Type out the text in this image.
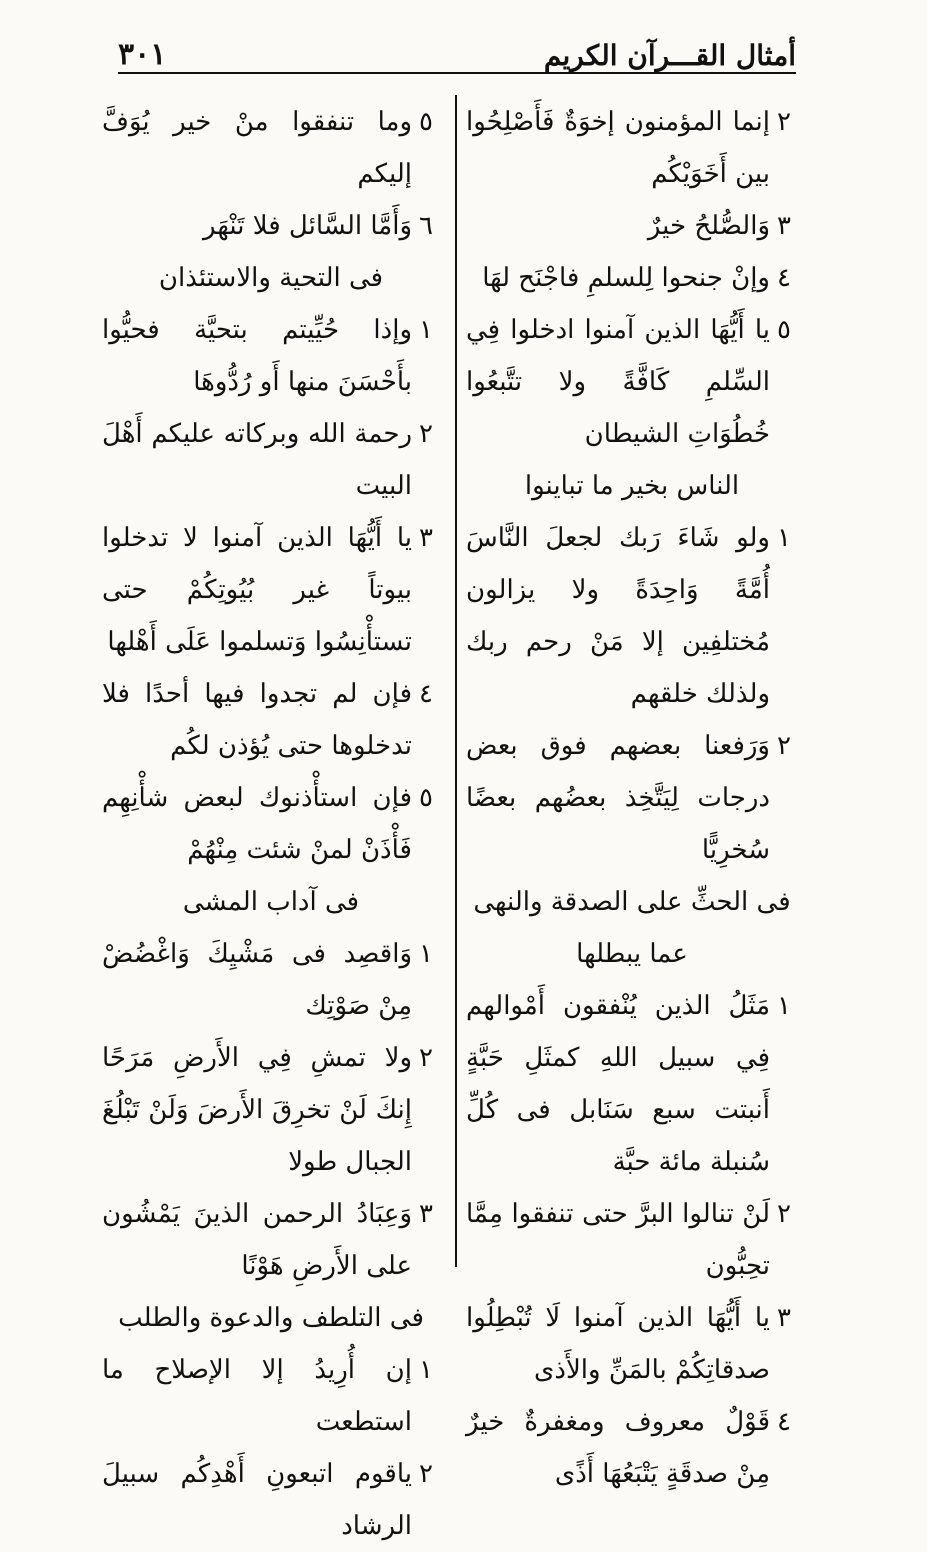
٣٠١	أمثال القـــرآن الكريم
٢
إنما المؤمنون إخوَةٌ فَأَصْلِحُوا بين أَخَوَيْكُم
٣
وَالصُّلحُ خيرٌ
٤
وإنْ جنحوا لِلسلمِ فاجْنَح لهَا
٥
يا أَيُّهَا الذين آمنوا ادخلوا فِي السِّلمِ كَافَّةً ولا تتَّبعُوا خُطُوَاتِ الشيطان
الناس بخير ما تباينوا
١
ولو شَاءَ رَبك لجعلَ النَّاسَ أُمَّةً وَاحِدَةً ولا يزالون مُختلفِين إلا مَنْ رحم ربك ولذلك خلقهم
٢
وَرَفعنا بعضهم فوق بعض درجات لِيَتَّخِذ بعضُهم بعضًا سُخرِيًّا
فى الحثِّ على الصدقة والنهى
عما يبطلها
١
مَثَلُ الذين يُنْفقون أَمْوالهم فِي سبيل اللهِ كمثَلِ حَبَّةٍ أَنبتت سبع سَنَابل فى كُلِّ سُنبلة مائة حبَّة
٢
لَنْ تنالوا البرَّ حتى تنفقوا مِمَّا تحِبُّون
٣
يا أَيُّهَا الذين آمنوا لَا تُبْطِلُوا صدقاتِكُمْ بالمَنِّ والأَذى
٤
قَوْلٌ معروف ومغفرةٌ خيرٌ مِنْ صدقَةٍ يَتْبَعُهَا أَذًى
٥
وما تنفقوا منْ خير يُوَفَّ إليكم
٦
وَأَمَّا السَّائل فلا تَنْهَر
فى التحية والاستئذان
١
وإذا حُيِّيتم بتحيَّة فحيُّوا بأَحْسَنَ منها أَو رُدُّوهَا
٢
رحمة الله وبركاته عليكم أَهْلَ البيت
٣
يا أَيُّهَا الذين آمنوا لا تدخلوا بيوتاً غير بُيُوتِكُمْ حتى تستأْنِسُوا وَتسلموا عَلَى أَهْلها
٤
فإن لم تجدوا فيها أحدًا فلا تدخلوها حتى يُؤذن لكُم
٥
فإن استأْذنوك لبعض شأْنِهِم فَأْذَنْ لمنْ شئت مِنْهُمْ
فى آداب المشى
١
وَاقصِد فى مَشْيِكَ وَاغْضُضْ مِنْ صَوْتِك
٢
ولا تمشِ فِي الأَرضِ مَرَحًا إِنكَ لَنْ تخرِقَ الأَرضَ وَلَنْ تَبْلُغَ الجبال طولا
٣
وَعِبَادُ الرحمن الذينَ يَمْشُون على الأَرضِ هَوْنًا
فى التلطف والدعوة والطلب
١
إن أُرِيدُ إلا الإصلاح ما استطعت
٢
ياقوم اتبعونِ أَهْدِكُم سبيلَ الرشاد
